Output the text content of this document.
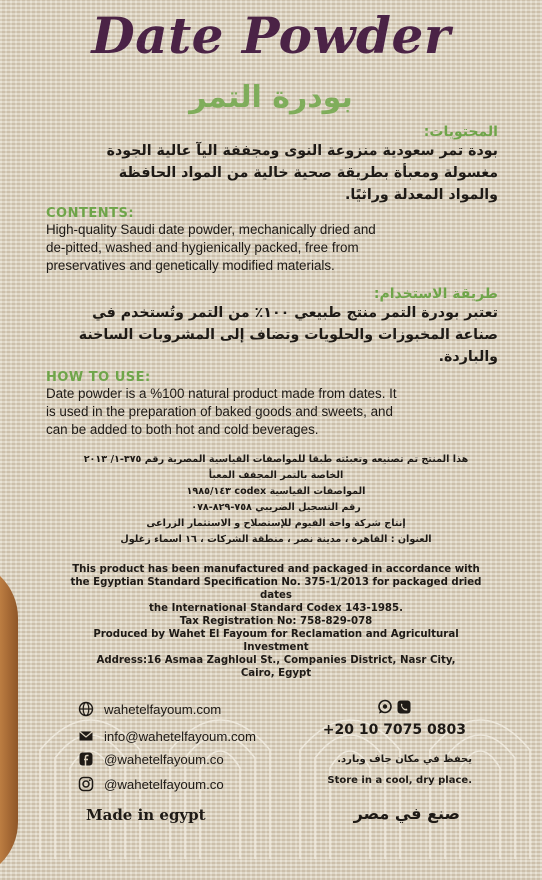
Date Powder
بودرة التمر
المحتويات:
بودة تمر سعودية منزوعة النوى ومجففة اليآ عالية الجودة
مغسولة ومعبأة بطريقة صحية خالية من المواد الحافظة
والمواد المعدلة وراثيًا.
CONTENTS:
High-quality Saudi date powder, mechanically dried and
de-pitted, washed and hygienically packed, free from
preservatives and genetically modified materials.
طريقة الاستخدام:
تعتبر بودرة التمر منتج طبيعي ١٠٠٪ من التمر وتُستخدم في
صناعة المخبوزات والحلويات وتضاف إلى المشروبات الساخنة
والباردة.
HOW TO USE:
Date powder is a %100 natural product made from dates. It
is used in the preparation of baked goods and sweets, and
can be added to both hot and cold beverages.
هذا المنتج تم تصنيعه وتعبئته طبقا للمواصفات القياسية المصرية رقم ٣٧٥-١/ ٢٠١٣
الخاصة بالتمر المجفف المعبأ
المواصفات القياسية codex ١٩٨٥/١٤٣
رقم التسجيل الضريبي ٧٥٨-٨٢٩-٠٧٨
إنتاج شركة واحة الفيوم للإستصلاح و الاستثمار الزراعى
العنوان : القاهرة ، مدينة نصر ، منطقة الشركات ، ١٦ اسماء زغلول
This product has been manufactured and packaged in accordance with
the Egyptian Standard Specification No. 375-1/2013 for packaged dried
dates
the International Standard Codex 143-1985.
Tax Registration No: 758-829-078
Produced by Wahet El Fayoum for Reclamation and Agricultural
Investment
Address:16 Asmaa Zaghloul St., Companies District, Nasr City,
Cairo, Egypt
wahetelfayoum.com
info@wahetelfayoum.com
@wahetelfayoum.co
@wahetelfayoum.co
+20 10 7075 0803
يحفظ في مكان جاف وبارد.
Store in a cool, dry place.
Made in egypt	صنع في مصر
